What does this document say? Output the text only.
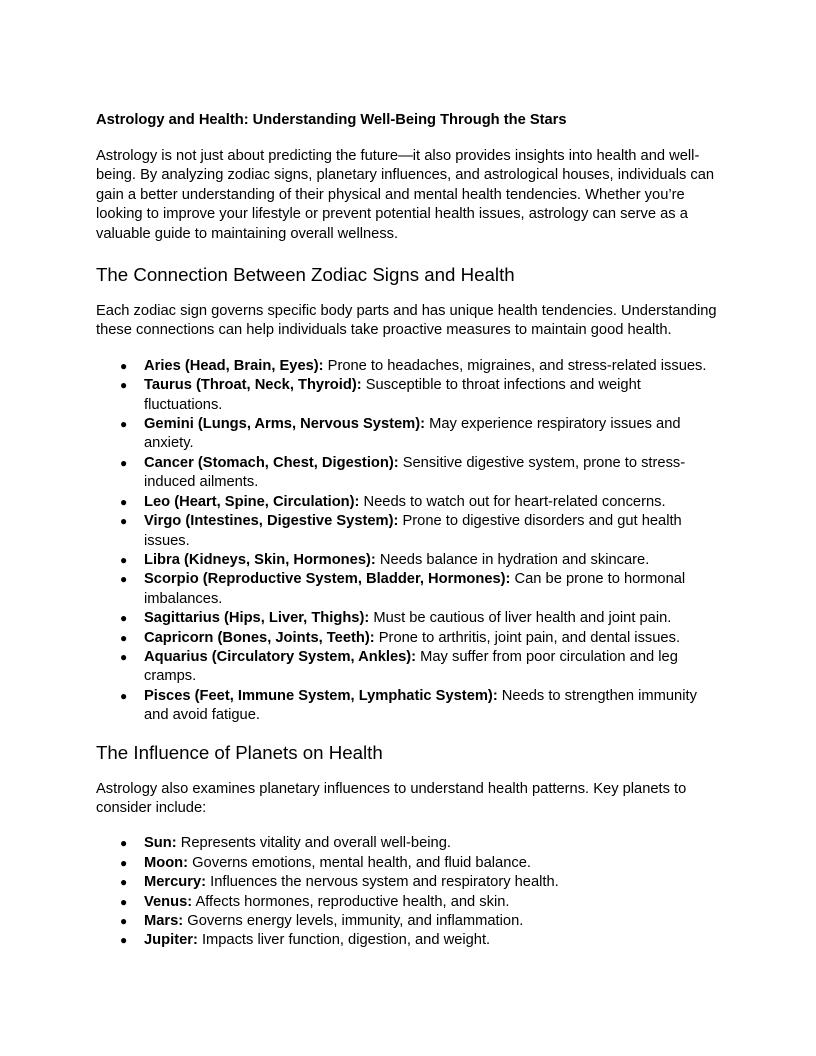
Astrology and Health: Understanding Well-Being Through the Stars

Astrology is not just about predicting the future—it also provides insights into health and well-being. By analyzing zodiac signs, planetary influences, and astrological houses, individuals can gain a better understanding of their physical and mental health tendencies. Whether you’re looking to improve your lifestyle or prevent potential health issues, astrology can serve as a valuable guide to maintaining overall wellness.

The Connection Between Zodiac Signs and Health

Each zodiac sign governs specific body parts and has unique health tendencies. Understanding these connections can help individuals take proactive measures to maintain good health.

●	Aries (Head, Brain, Eyes): Prone to headaches, migraines, and stress-related issues.
●	Taurus (Throat, Neck, Thyroid): Susceptible to throat infections and weight fluctuations.
●	Gemini (Lungs, Arms, Nervous System): May experience respiratory issues and anxiety.
●	Cancer (Stomach, Chest, Digestion): Sensitive digestive system, prone to stress-induced ailments.
●	Leo (Heart, Spine, Circulation): Needs to watch out for heart-related concerns.
●	Virgo (Intestines, Digestive System): Prone to digestive disorders and gut health issues.
●	Libra (Kidneys, Skin, Hormones): Needs balance in hydration and skincare.
●	Scorpio (Reproductive System, Bladder, Hormones): Can be prone to hormonal imbalances.
●	Sagittarius (Hips, Liver, Thighs): Must be cautious of liver health and joint pain.
●	Capricorn (Bones, Joints, Teeth): Prone to arthritis, joint pain, and dental issues.
●	Aquarius (Circulatory System, Ankles): May suffer from poor circulation and leg cramps.
●	Pisces (Feet, Immune System, Lymphatic System): Needs to strengthen immunity and avoid fatigue.
The Influence of Planets on Health

Astrology also examines planetary influences to understand health patterns. Key planets to consider include:

●	Sun: Represents vitality and overall well-being.
●	Moon: Governs emotions, mental health, and fluid balance.
●	Mercury: Influences the nervous system and respiratory health.
●	Venus: Affects hormones, reproductive health, and skin.
●	Mars: Governs energy levels, immunity, and inflammation.
●	Jupiter: Impacts liver function, digestion, and weight.
